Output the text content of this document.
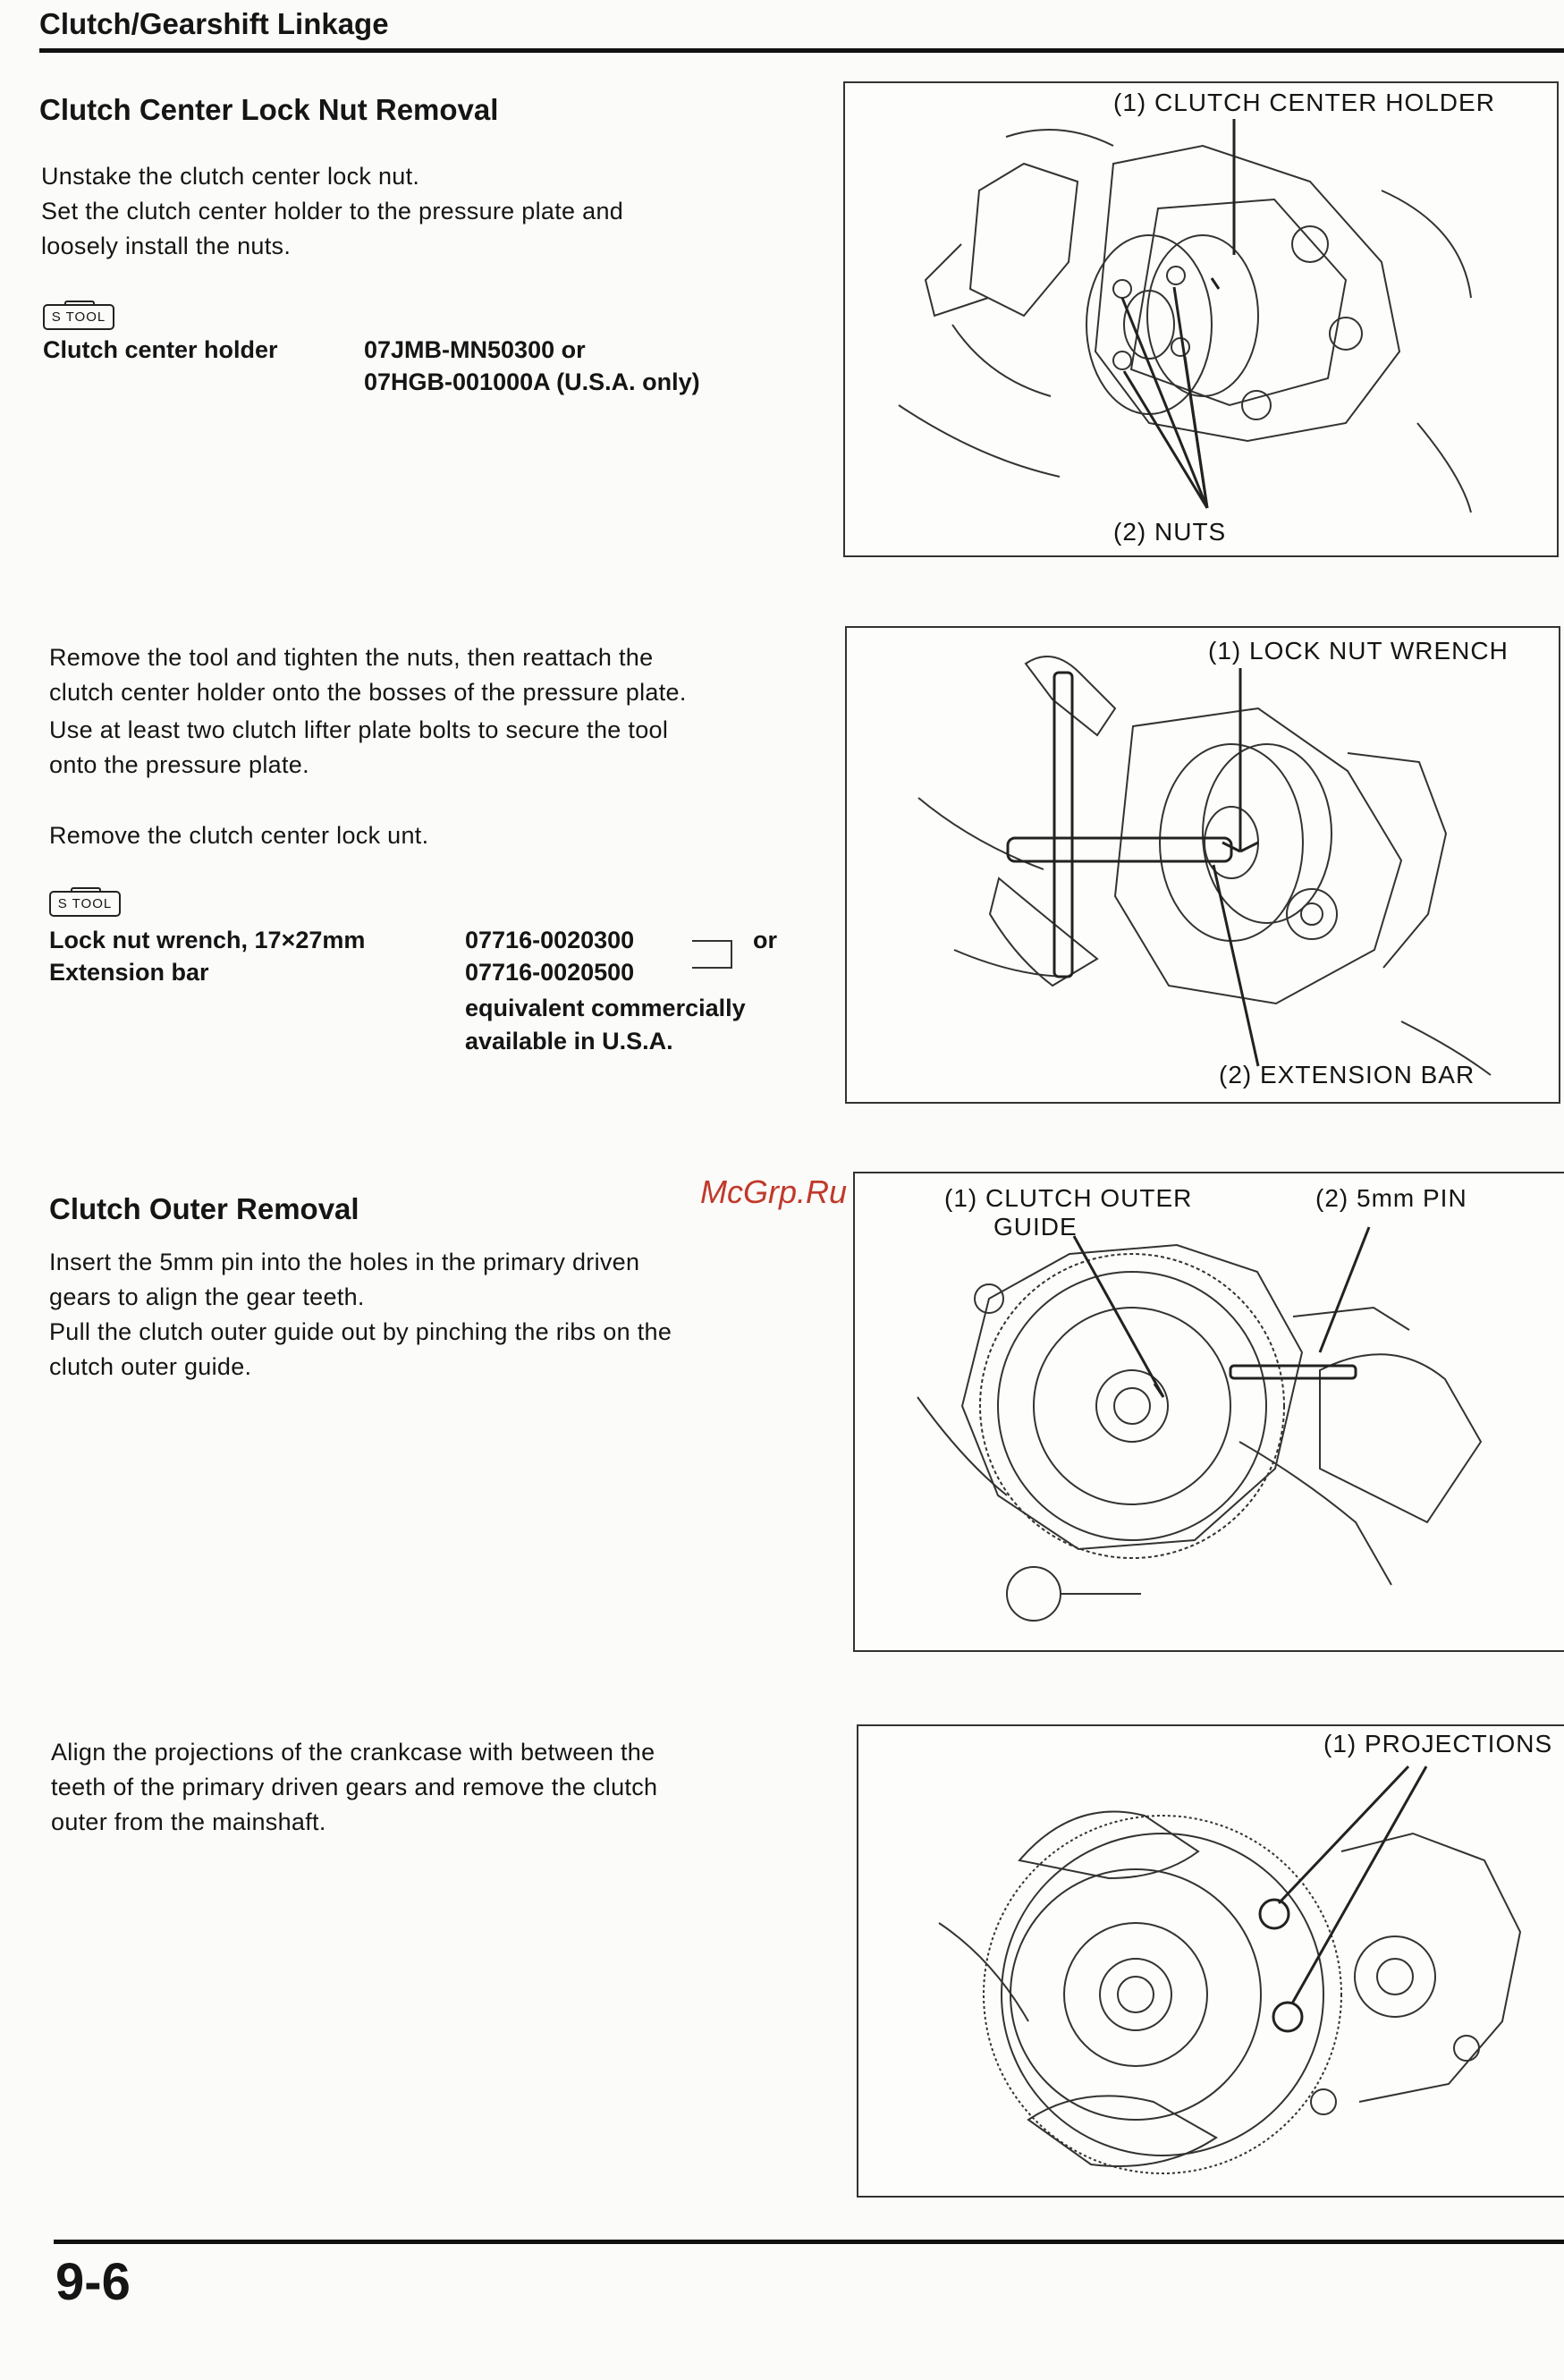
Clutch/Gearshift Linkage
Clutch Center Lock Nut Removal
Unstake the clutch center lock nut.
Set the clutch center holder to the pressure plate and
loosely install the nuts.
S TOOL
Clutch center holder	07JMB-MN50300 or
07HGB-001000A (U.S.A. only)
(1) CLUTCH CENTER HOLDER
(2) NUTS
Remove the tool and tighten the nuts, then reattach the
clutch center holder onto the bosses of the pressure plate.
Use at least two clutch lifter plate bolts to secure the tool
onto the pressure plate.
Remove the clutch center lock unt.
S TOOL
Lock nut wrench, 17×27mm
Extension bar
07716-0020300
07716-0020500
or
equivalent commercially
available in U.S.A.
(1) LOCK NUT WRENCH
(2) EXTENSION BAR
McGrp.Ru
Clutch Outer Removal
Insert the 5mm pin into the holes in the primary driven
gears to align the gear teeth.
Pull the clutch outer guide out by pinching the ribs on the
clutch outer guide.
(1) CLUTCH OUTER
GUIDE
(2) 5mm PIN
Align the projections of the crankcase with between the
teeth of the primary driven gears and remove the clutch
outer from the mainshaft.
(1) PROJECTIONS
9-6
